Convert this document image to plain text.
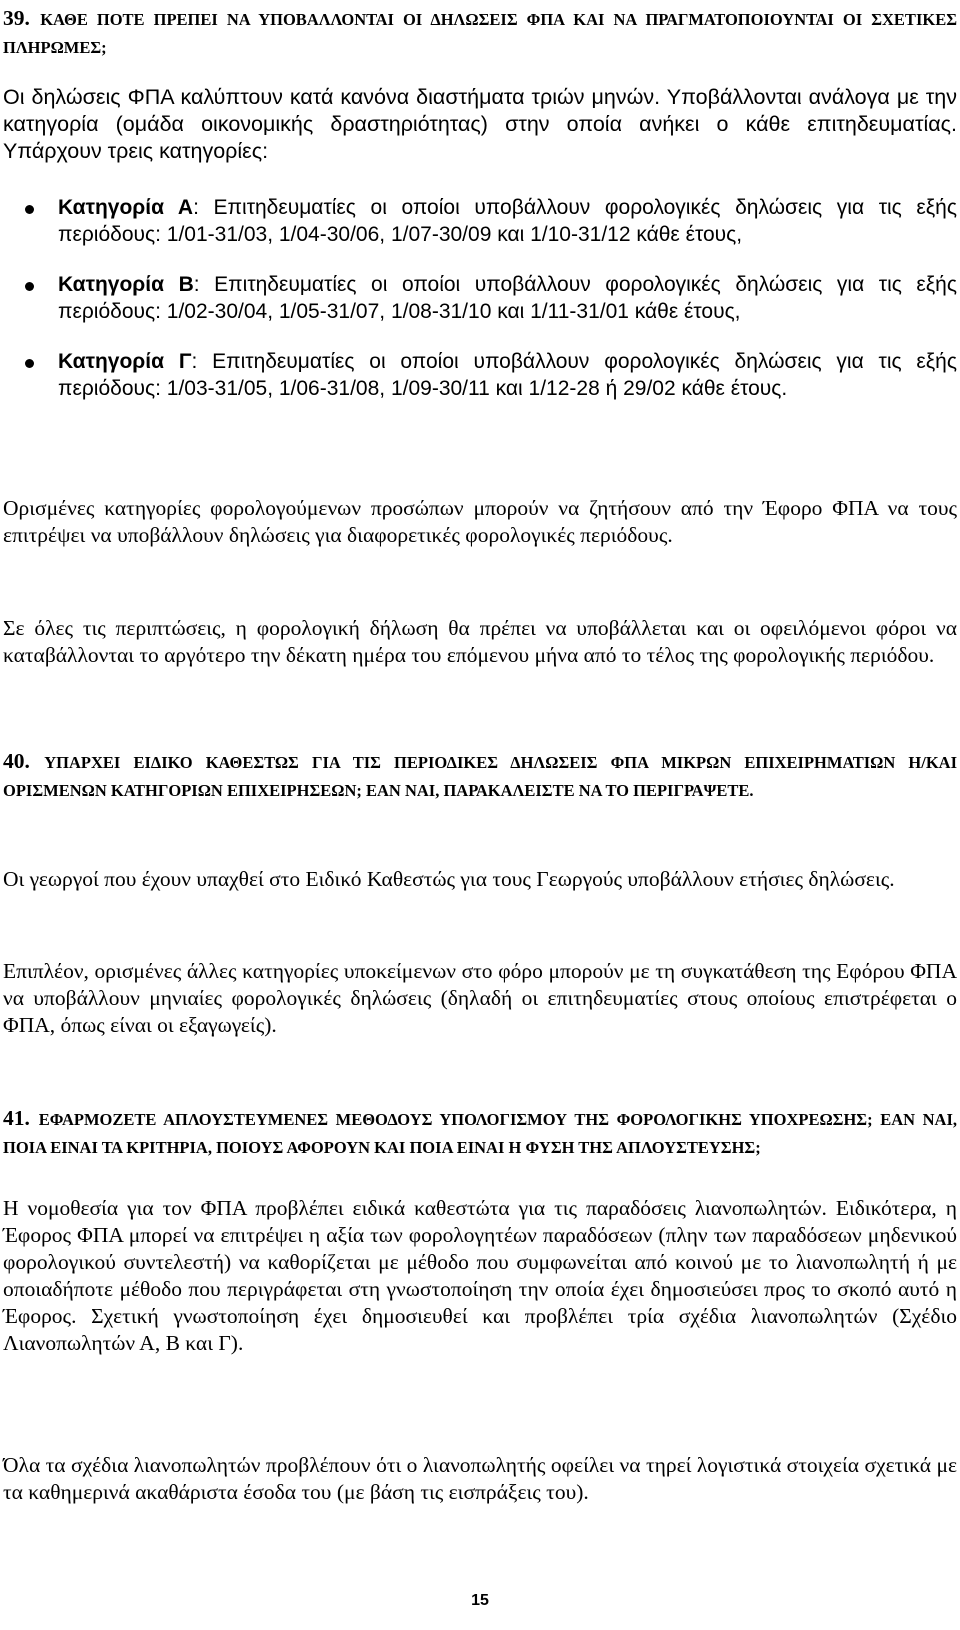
39. ΚΑΘΕ ΠΟΤΕ ΠΡΕΠΕΙ ΝΑ ΥΠΟΒΑΛΛΟΝΤΑΙ ΟΙ ΔΗΛΩΣΕΙΣ ΦΠΑ ΚΑΙ ΝΑ ΠΡΑΓΜΑΤΟΠΟΙΟΥΝΤΑΙ ΟΙ ΣΧΕΤΙΚΕΣ ΠΛΗΡΩΜΕΣ;

Οι δηλώσεις ΦΠΑ καλύπτουν κατά κανόνα διαστήματα τριών μηνών. Υποβάλλονται ανάλογα με την κατηγορία (ομάδα οικονομικής δραστηριότητας) στην οποία ανήκει ο κάθε επιτηδευματίας. Υπάρχουν τρεις κατηγορίες:

Κατηγορία Α: Επιτηδευματίες οι οποίοι υποβάλλουν φορολογικές δηλώσεις για τις εξής περιόδους: 1/01-31/03, 1/04-30/06, 1/07-30/09 και 1/10-31/12 κάθε έτους,
Κατηγορία Β: Επιτηδευματίες οι οποίοι υποβάλλουν φορολογικές δηλώσεις για τις εξής περιόδους: 1/02-30/04, 1/05-31/07, 1/08-31/10 και 1/11-31/01 κάθε έτους,
Κατηγορία Γ: Επιτηδευματίες οι οποίοι υποβάλλουν φορολογικές δηλώσεις για τις εξής περιόδους: 1/03-31/05, 1/06-31/08, 1/09-30/11 και 1/12-28 ή 29/02 κάθε έτους.

Ορισμένες κατηγορίες φορολογούμενων προσώπων μπορούν να ζητήσουν από την Έφορο ΦΠΑ να τους επιτρέψει να υποβάλλουν δηλώσεις για διαφορετικές φορολογικές περιόδους.

Σε όλες τις περιπτώσεις, η φορολογική δήλωση θα πρέπει να υποβάλλεται και οι οφειλόμενοι φόροι να καταβάλλονται το αργότερο την δέκατη ημέρα του επόμενου μήνα από το τέλος της φορολογικής περιόδου.

40. ΥΠΑΡΧΕΙ ΕΙΔΙΚΟ ΚΑΘΕΣΤΩΣ ΓΙΑ ΤΙΣ ΠΕΡΙΟΔΙΚΕΣ ΔΗΛΩΣΕΙΣ ΦΠΑ ΜΙΚΡΩΝ ΕΠΙΧΕΙΡΗΜΑΤΙΩΝ Η/ΚΑΙ ΟΡΙΣΜΕΝΩΝ ΚΑΤΗΓΟΡΙΩΝ ΕΠΙΧΕΙΡΗΣΕΩΝ; ΕΑΝ ΝΑΙ, ΠΑΡΑΚΑΛΕΙΣΤΕ ΝΑ ΤΟ ΠΕΡΙΓΡΑΨΕΤΕ.

Οι γεωργοί που έχουν υπαχθεί στο Ειδικό Καθεστώς για τους Γεωργούς υποβάλλουν ετήσιες δηλώσεις.

Επιπλέον, ορισμένες άλλες κατηγορίες υποκείμενων στο φόρο μπορούν με τη συγκατάθεση της Εφόρου ΦΠΑ να υποβάλλουν μηνιαίες φορολογικές δηλώσεις (δηλαδή οι επιτηδευματίες στους οποίους επιστρέφεται ο ΦΠΑ, όπως είναι οι εξαγωγείς).

41. ΕΦΑΡΜΟΖΕΤΕ ΑΠΛΟΥΣΤΕΥΜΕΝΕΣ ΜΕΘΟΔΟΥΣ ΥΠΟΛΟΓΙΣΜΟΥ ΤΗΣ ΦΟΡΟΛΟΓΙΚΗΣ ΥΠΟΧΡΕΩΣΗΣ; ΕΑΝ ΝΑΙ, ΠΟΙΑ ΕΙΝΑΙ ΤΑ ΚΡΙΤΗΡΙΑ, ΠΟΙΟΥΣ ΑΦΟΡΟΥΝ ΚΑΙ ΠΟΙΑ ΕΙΝΑΙ Η ΦΥΣΗ ΤΗΣ ΑΠΛΟΥΣΤΕΥΣΗΣ;

Η νομοθεσία για τον ΦΠΑ προβλέπει ειδικά καθεστώτα για τις παραδόσεις λιανοπωλητών. Ειδικότερα, η Έφορος ΦΠΑ μπορεί να επιτρέψει η αξία των φορολογητέων παραδόσεων (πλην των παραδόσεων μηδενικού φορολογικού συντελεστή) να καθορίζεται με μέθοδο που συμφωνείται από κοινού με το λιανοπωλητή ή με οποιαδήποτε μέθοδο που περιγράφεται στη γνωστοποίηση την οποία έχει δημοσιεύσει προς το σκοπό αυτό η Έφορος. Σχετική γνωστοποίηση έχει δημοσιευθεί και προβλέπει τρία σχέδια λιανοπωλητών (Σχέδιο Λιανοπωλητών Α, Β και Γ).

Όλα τα σχέδια λιανοπωλητών προβλέπουν ότι ο λιανοπωλητής οφείλει να τηρεί λογιστικά στοιχεία σχετικά με τα καθημερινά ακαθάριστα έσοδα του (με βάση τις εισπράξεις του).

15
